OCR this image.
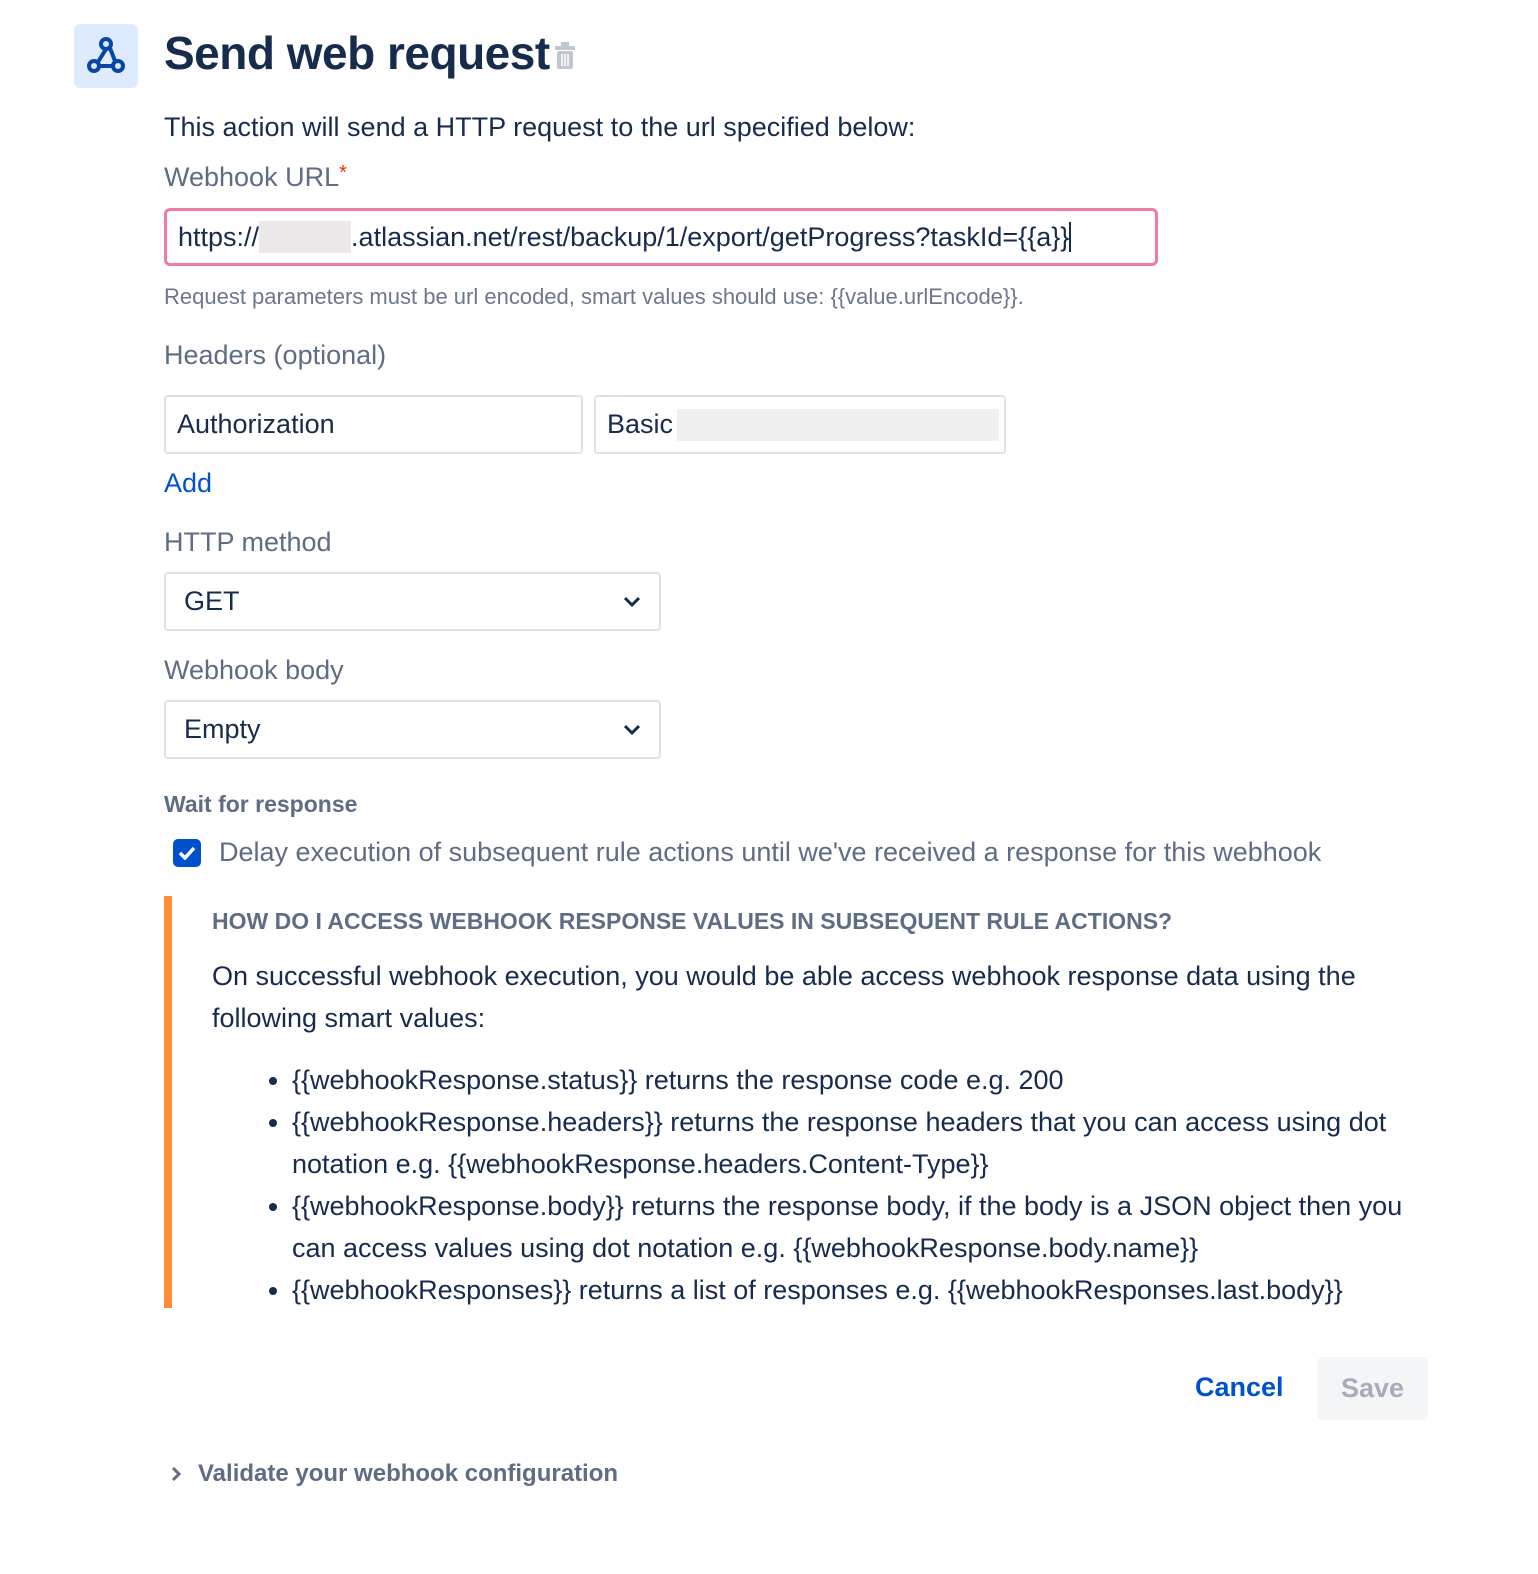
Send web request
This action will send a HTTP request to the url specified below:
Webhook URL*
https://	.atlassian.net/rest/backup/1/export/getProgress?taskId={{a}}
Request parameters must be url encoded, smart values should use: {{value.urlEncode}}.
Headers (optional)
Authorization	Basic
Add
HTTP method
GET
Webhook body
Empty
Wait for response
Delay execution of subsequent rule actions until we've received a response for this webhook
HOW DO I ACCESS WEBHOOK RESPONSE VALUES IN SUBSEQUENT RULE ACTIONS?

On successful webhook execution, you would be able access webhook response data using the following smart values:

• {{webhookResponse.status}} returns the response code e.g. 200
• {{webhookResponse.headers}} returns the response headers that you can access using dot notation e.g. {{webhookResponse.headers.Content-Type}}
• {{webhookResponse.body}} returns the response body, if the body is a JSON object then you can access values using dot notation e.g. {{webhookResponse.body.name}}
• {{webhookResponses}} returns a list of responses e.g. {{webhookResponses.last.body}}
Cancel	Save
Validate your webhook configuration
